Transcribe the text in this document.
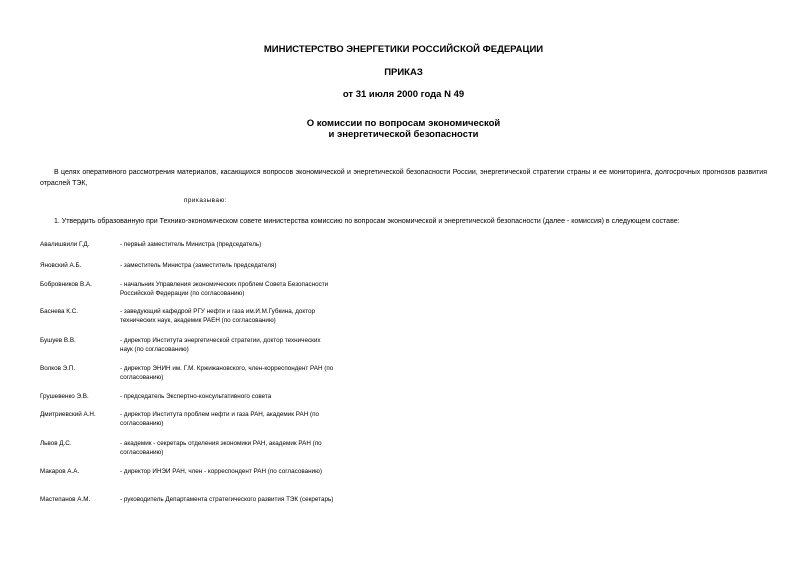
МИНИСТЕРСТВО ЭНЕРГЕТИКИ РОССИЙСКОЙ ФЕДЕРАЦИИ
ПРИКАЗ
от 31 июля 2000 года N 49
О комиссии по вопросам экономической
и энергетической безопасности
В целях оперативного рассмотрения материалов, касающихся вопросов экономической и энергетической безопасности России, энергетической стратегии страны и ее мониторинга, долгосрочных прогнозов развития отраслей ТЭК,
приказываю:
1. Утвердить образованную при Технико-экономическом совете министерства комиссию по вопросам экономической и энергетической безопасности (далее - комиссия) в следующем составе:
Авалишвили Г.Д.	- первый заместитель Министра (председатель)
Яновский А.Б.	- заместитель Министра (заместитель председателя)
Бобровников В.А.	- начальник Управления экономических проблем Совета Безопасности Российской Федерации (по согласованию)
Баснева К.С.	- заведующий кафедрой РГУ нефти и газа им.И.М.Губкина, доктор технических наук, академик РАЕН (по согласованию)
Бушуев В.В.	- директор Института энергетической стратегии, доктор технических наук (по согласованию)
Волков Э.П.	- директор ЭНИН им. Г.М. Кржижановского, член-корреспондент РАН (по согласованию)
Грушевенко Э.В.	- председатель Экспертно-консультативного совета
Дмитриевский А.Н.	- директор Института проблем нефти и газа РАН, академик РАН (по согласованию)
Львов Д.С.	- академик - секретарь отделения экономики РАН, академик РАН (по согласованию)
Макаров А.А.	- директор ИНЭИ РАН, член - корреспондент РАН (по согласованию)
Мастепанов А.М.	- руководитель Департамента стратегического развития ТЭК (секретарь)
